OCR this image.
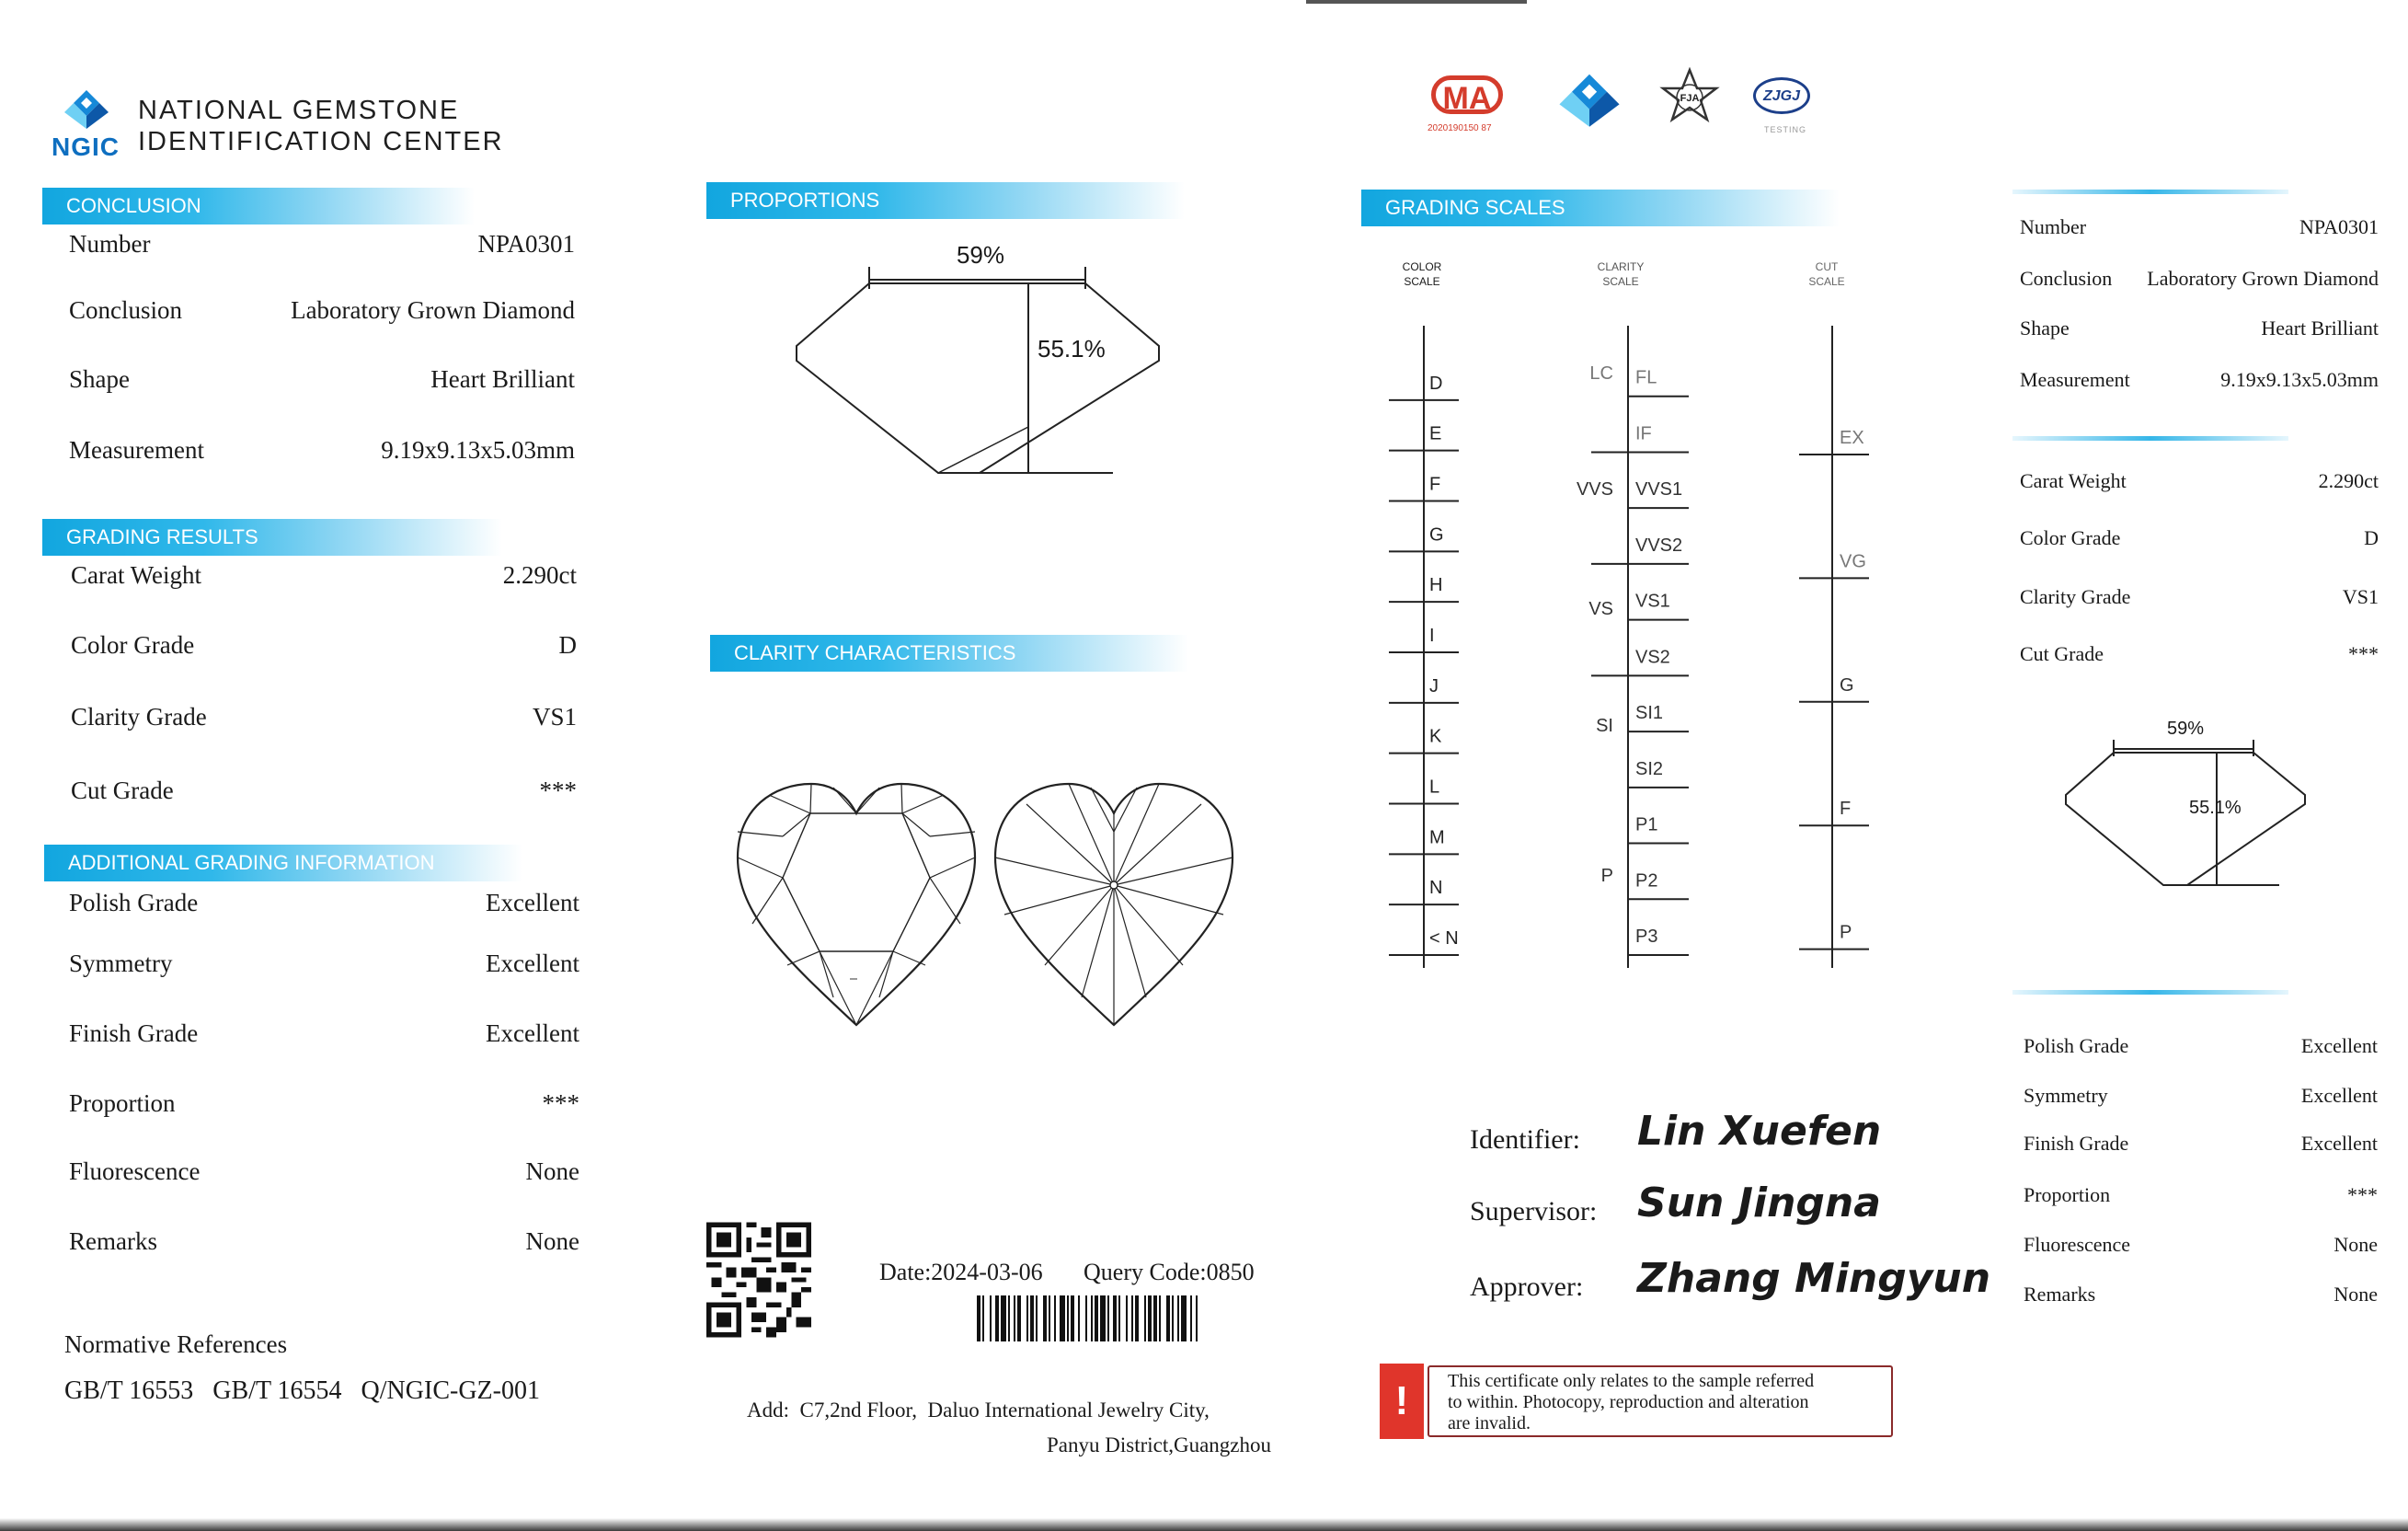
NGIC
NATIONAL GEMSTONE
IDENTIFICATION CENTER
CONCLUSION
Number	NPA0301
Conclusion	Laboratory Grown Diamond
Shape	Heart Brilliant
Measurement	9.19x9.13x5.03mm
GRADING RESULTS
Carat Weight	2.290ct
Color Grade	D
Clarity Grade	VS1
Cut Grade	***
ADDITIONAL GRADING INFORMATION
Polish Grade	Excellent
Symmetry	Excellent
Finish Grade	Excellent
Proportion	***
Fluorescence	None
Remarks	None
Normative References
GB/T 16553   GB/T 16554   Q/NGIC-GZ-001
PROPORTIONS
59%
55.1%
CLARITY CHARACTERISTICS
Date:2024-03-06 Query Code:0850
Add:  C7,2nd Floor,  Daluo International Jewelry City,
Panyu District,Guangzhou
MA
2020190150 87
FJA	ZJGJ
TESTING
GRADING SCALES
COLOR
SCALE
CLARITY
SCALE
CUT
SCALE
D
E
F
G
H
I
J
K
L
M
N
< N
FL
IF
VVS1
VVS2
VS1
VS2
SI1
SI2
P1
P2
P3
LC
VVS
VS
SI
P
EX
VG
G
F
P
Identifier: Lin Xuefen
Supervisor: Sun Jingna
Approver: Zhang Mingyun
!	This certificate only relates to the sample referred
to within. Photocopy, reproduction and alteration
are invalid.
Number	NPA0301
Conclusion Laboratory Grown Diamond
Shape	Heart Brilliant
Measurement	9.19x9.13x5.03mm
Carat Weight	2.290ct
Color Grade	D
Clarity Grade	VS1
Cut Grade	***
59%
55.1%
Polish Grade	Excellent
Symmetry	Excellent
Finish Grade	Excellent
Proportion	***
Fluorescence	None
Remarks	None
